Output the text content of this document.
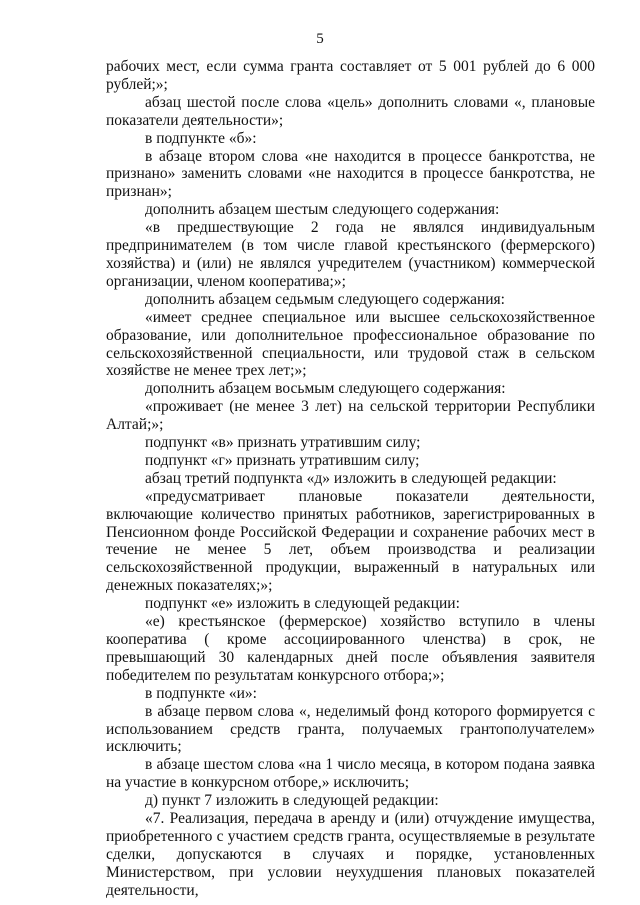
5

рабочих мест, если сумма гранта составляет от 5 001 рублей до 6 000 рублей;»;

абзац шестой после слова «цель» дополнить словами «, плановые показатели деятельности»;

в подпункте «б»:

в абзаце втором слова «не находится в процессе банкротства, не признано» заменить словами «не находится в процессе банкротства, не признан»;

дополнить абзацем шестым следующего содержания:

«в предшествующие 2 года не являлся индивидуальным предпринимателем (в том числе главой крестьянского (фермерского) хозяйства) и (или) не являлся учредителем (участником) коммерческой организации, членом кооператива;»;

дополнить абзацем седьмым следующего содержания:

«имеет среднее специальное или высшее сельскохозяйственное образование, или дополнительное профессиональное образование по сельскохозяйственной специальности, или трудовой стаж в сельском хозяйстве не менее трех лет;»;

дополнить абзацем восьмым следующего содержания:

«проживает (не менее 3 лет) на сельской территории Республики Алтай;»;

подпункт «в» признать утратившим силу;

подпункт «г» признать утратившим силу;

абзац третий подпункта «д» изложить в следующей редакции:

«предусматривает плановые показатели деятельности, включающие количество принятых работников, зарегистрированных в Пенсионном фонде Российской Федерации и сохранение рабочих мест в течение не менее 5 лет, объем производства и реализации сельскохозяйственной продукции, выраженный в натуральных или денежных показателях;»;

подпункт «е» изложить в следующей редакции:

«е) крестьянское (фермерское) хозяйство вступило в члены кооператива ( кроме ассоциированного членства) в срок, не превышающий 30 календарных дней после объявления заявителя победителем по результатам конкурсного отбора;»;

в подпункте «и»:

в абзаце первом слова «, неделимый фонд которого формируется с использованием средств гранта, получаемых грантополучателем» исключить;

в абзаце шестом слова «на 1 число месяца, в котором подана заявка на участие в конкурсном отборе,» исключить;

д) пункт 7 изложить в следующей редакции:

«7. Реализация, передача в аренду и (или) отчуждение имущества, приобретенного с участием средств гранта, осуществляемые в результате сделки, допускаются в случаях и порядке, установленных Министерством, при условии неухудшения плановых показателей деятельности,
